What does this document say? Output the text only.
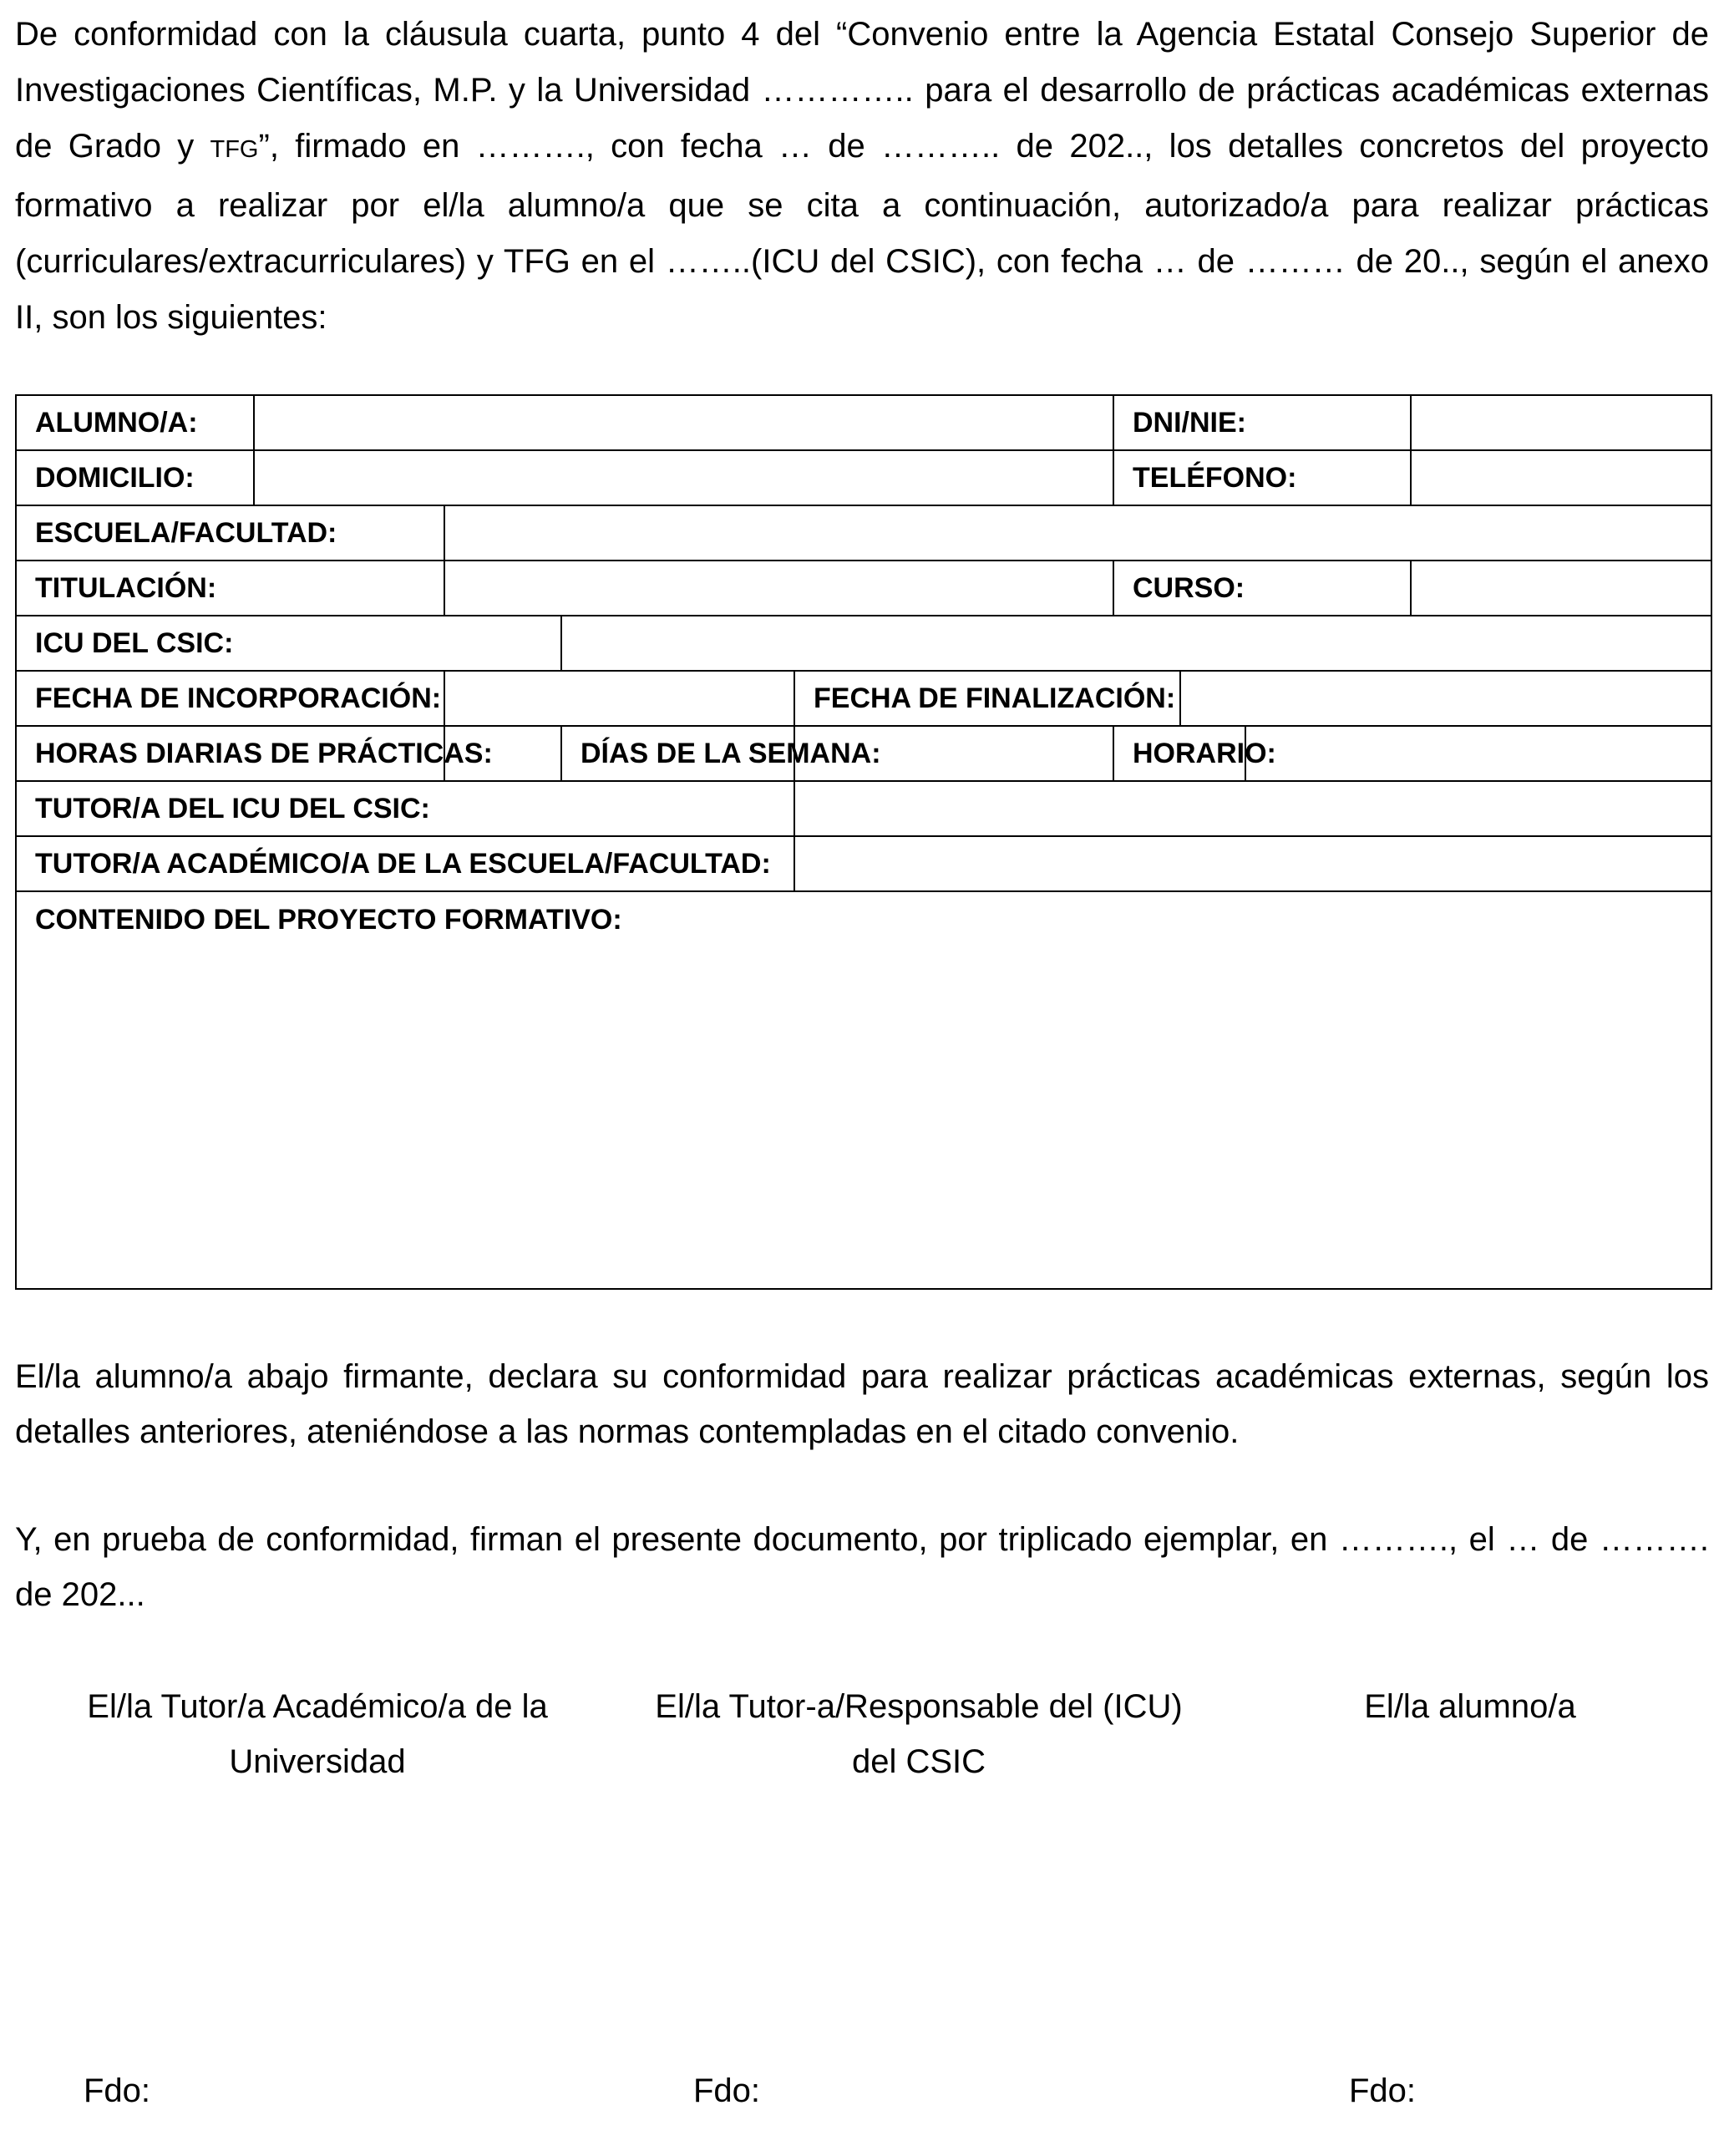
De conformidad con la cláusula cuarta, punto 4 del “Convenio entre la Agencia Estatal Consejo Superior de Investigaciones Científicas, M.P. y la Universidad ………….. para el desarrollo de prácticas académicas externas de Grado y TFG”, firmado en ………., con fecha … de ……….. de 202.., los detalles concretos del proyecto formativo a realizar por el/la alumno/a que se cita a continuación, autorizado/a para realizar prácticas (curriculares/extracurriculares) y TFG en el ……..(ICU del CSIC), con fecha … de ……… de 20.., según el anexo II, son los siguientes:

ALUMNO/A:					DNI/NIE:			
DOMICILIO:					TELÉFONO:			
ESCUELA/FACULTAD:								
TITULACIÓN:					CURSO:			
ICU DEL CSIC:								
FECHA DE INCORPORACIÓN:				FECHA DE FINALIZACIÓN:				
HORAS DIARIAS DE PRÁCTICAS:			DÍAS DE LA SEMANA:		HORARIO:			
TUTOR/A DEL ICU DEL CSIC:								
TUTOR/A ACADÉMICO/A DE LA ESCUELA/FACULTAD:								
CONTENIDO DEL PROYECTO FORMATIVO:								

El/la alumno/a abajo firmante, declara su conformidad para realizar prácticas académicas externas, según los detalles anteriores, ateniéndose a las normas contempladas en el citado convenio.

Y, en prueba de conformidad, firman el presente documento, por triplicado ejemplar, en ………., el … de ………. de 202...

El/la Tutor/a Académico/a de la
Universidad
El/la Tutor-a/Responsable del (ICU)
del CSIC
El/la alumno/a
Fdo:	Fdo:	Fdo:
